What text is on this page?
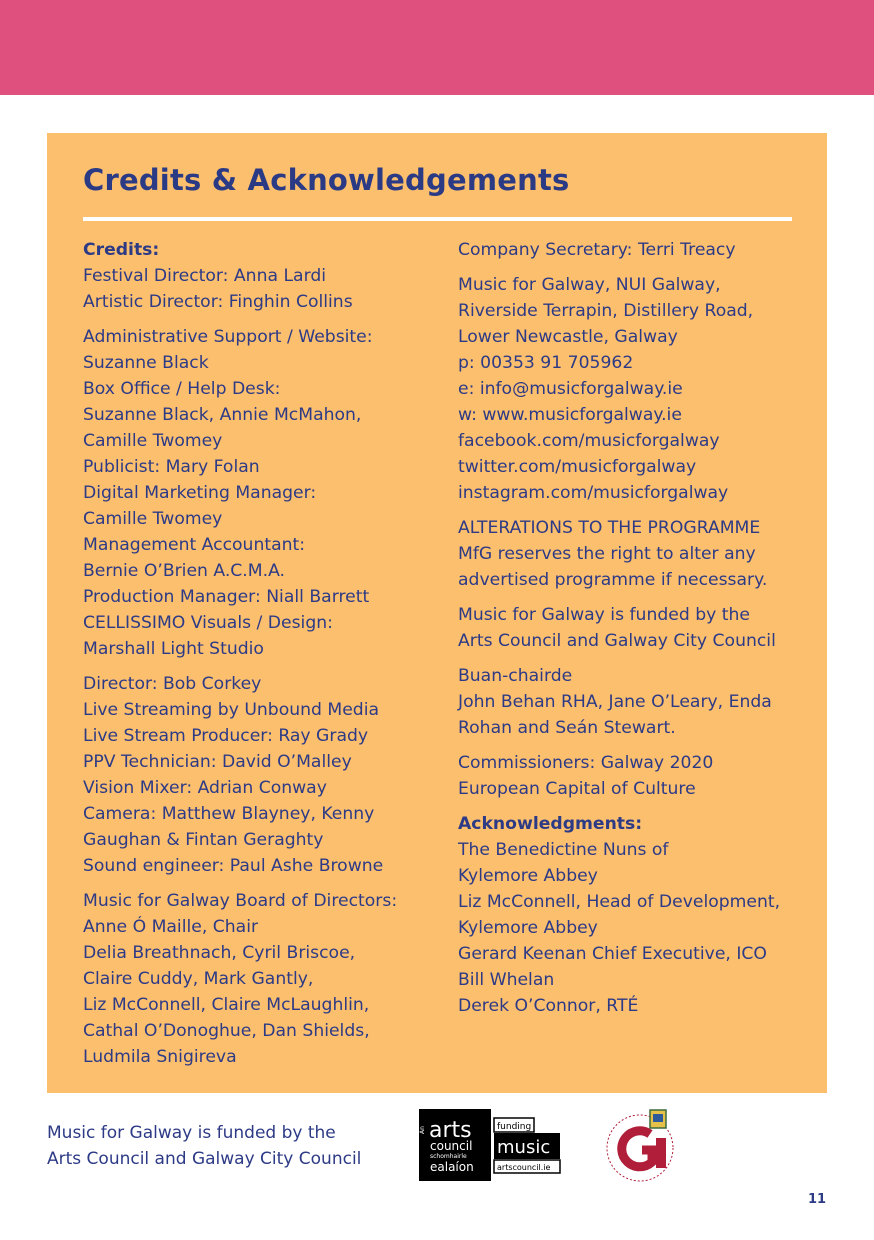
Credits & Acknowledgements
Credits:
Festival Director: Anna Lardi
Artistic Director: Finghin Collins
Administrative Support / Website:
Suzanne Black
Box Office / Help Desk:
Suzanne Black, Annie McMahon,
Camille Twomey
Publicist: Mary Folan
Digital Marketing Manager:
Camille Twomey
Management Accountant:
Bernie O’Brien A.C.M.A.
Production Manager: Niall Barrett
CELLISSIMO Visuals / Design:
Marshall Light Studio
Director: Bob Corkey
Live Streaming by Unbound Media
Live Stream Producer: Ray Grady
PPV Technician: David O’Malley
Vision Mixer: Adrian Conway
Camera: Matthew Blayney, Kenny
Gaughan & Fintan Geraghty
Sound engineer: Paul Ashe Browne
Music for Galway Board of Directors:
Anne Ó Maille, Chair
Delia Breathnach, Cyril Briscoe,
Claire Cuddy, Mark Gantly,
Liz McConnell, Claire McLaughlin,
Cathal O’Donoghue, Dan Shields,
Ludmila Snigireva
Company Secretary: Terri Treacy
Music for Galway, NUI Galway,
Riverside Terrapin, Distillery Road,
Lower Newcastle, Galway
p: 00353 91 705962
e: info@musicforgalway.ie
w: www.musicforgalway.ie
facebook.com/musicforgalway
twitter.com/musicforgalway
instagram.com/musicforgalway
ALTERATIONS TO THE PROGRAMME
MfG reserves the right to alter any
advertised programme if necessary.
Music for Galway is funded by the
Arts Council and Galway City Council
Buan-chairde
John Behan RHA, Jane O’Leary, Enda
Rohan and Seán Stewart.
Commissioners: Galway 2020
European Capital of Culture
Acknowledgments:
The Benedictine Nuns of
Kylemore Abbey
Liz McConnell, Head of Development,
Kylemore Abbey
Gerard Keenan Chief Executive, ICO
Bill Whelan
Derek O’Connor, RTÉ
Music for Galway is funded by the
Arts Council and Galway City Council
An arts
council
schomhairle
ealaíon
funding
music
artscouncil.ie
11
